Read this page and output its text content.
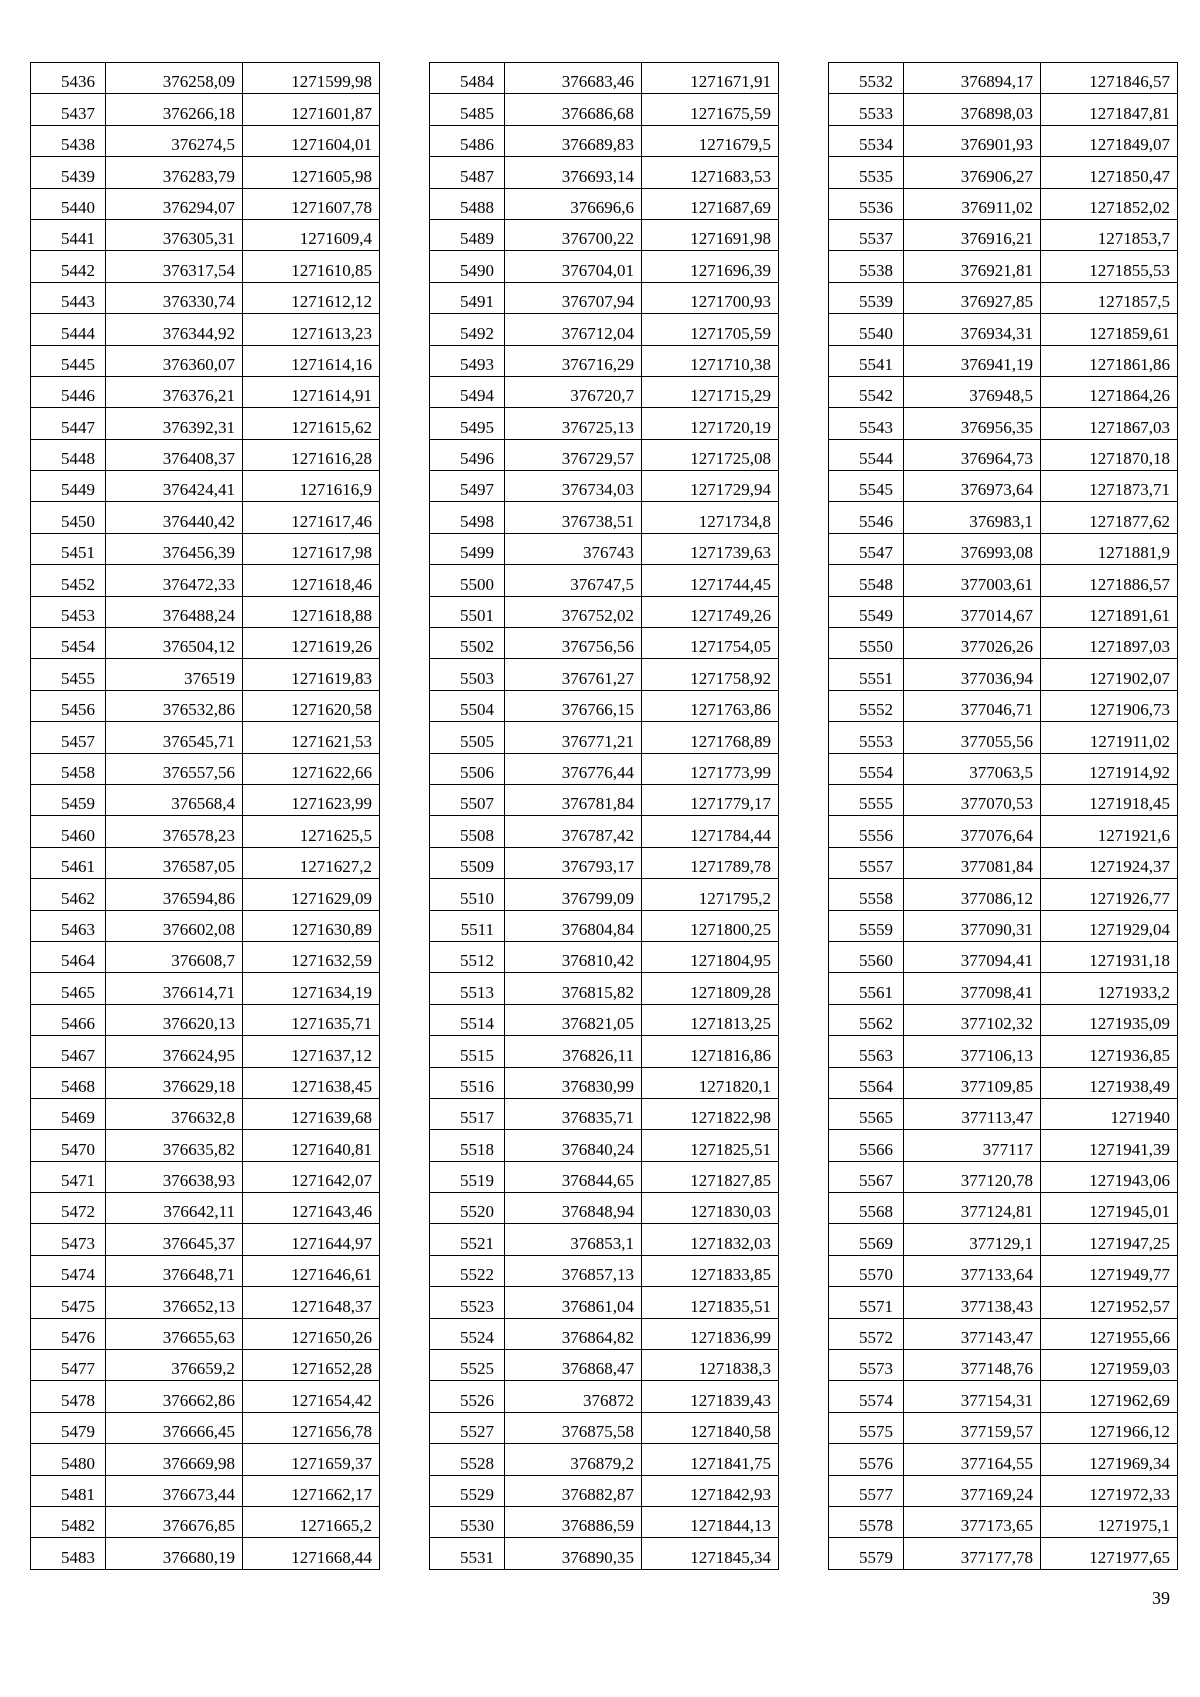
5436	376258,09	1271599,98
5437	376266,18	1271601,87
5438	376274,5	1271604,01
5439	376283,79	1271605,98
5440	376294,07	1271607,78
5441	376305,31	1271609,4
5442	376317,54	1271610,85
5443	376330,74	1271612,12
5444	376344,92	1271613,23
5445	376360,07	1271614,16
5446	376376,21	1271614,91
5447	376392,31	1271615,62
5448	376408,37	1271616,28
5449	376424,41	1271616,9
5450	376440,42	1271617,46
5451	376456,39	1271617,98
5452	376472,33	1271618,46
5453	376488,24	1271618,88
5454	376504,12	1271619,26
5455	376519	1271619,83
5456	376532,86	1271620,58
5457	376545,71	1271621,53
5458	376557,56	1271622,66
5459	376568,4	1271623,99
5460	376578,23	1271625,5
5461	376587,05	1271627,2
5462	376594,86	1271629,09
5463	376602,08	1271630,89
5464	376608,7	1271632,59
5465	376614,71	1271634,19
5466	376620,13	1271635,71
5467	376624,95	1271637,12
5468	376629,18	1271638,45
5469	376632,8	1271639,68
5470	376635,82	1271640,81
5471	376638,93	1271642,07
5472	376642,11	1271643,46
5473	376645,37	1271644,97
5474	376648,71	1271646,61
5475	376652,13	1271648,37
5476	376655,63	1271650,26
5477	376659,2	1271652,28
5478	376662,86	1271654,42
5479	376666,45	1271656,78
5480	376669,98	1271659,37
5481	376673,44	1271662,17
5482	376676,85	1271665,2
5483	376680,19	1271668,44
5484	376683,46	1271671,91
5485	376686,68	1271675,59
5486	376689,83	1271679,5
5487	376693,14	1271683,53
5488	376696,6	1271687,69
5489	376700,22	1271691,98
5490	376704,01	1271696,39
5491	376707,94	1271700,93
5492	376712,04	1271705,59
5493	376716,29	1271710,38
5494	376720,7	1271715,29
5495	376725,13	1271720,19
5496	376729,57	1271725,08
5497	376734,03	1271729,94
5498	376738,51	1271734,8
5499	376743	1271739,63
5500	376747,5	1271744,45
5501	376752,02	1271749,26
5502	376756,56	1271754,05
5503	376761,27	1271758,92
5504	376766,15	1271763,86
5505	376771,21	1271768,89
5506	376776,44	1271773,99
5507	376781,84	1271779,17
5508	376787,42	1271784,44
5509	376793,17	1271789,78
5510	376799,09	1271795,2
5511	376804,84	1271800,25
5512	376810,42	1271804,95
5513	376815,82	1271809,28
5514	376821,05	1271813,25
5515	376826,11	1271816,86
5516	376830,99	1271820,1
5517	376835,71	1271822,98
5518	376840,24	1271825,51
5519	376844,65	1271827,85
5520	376848,94	1271830,03
5521	376853,1	1271832,03
5522	376857,13	1271833,85
5523	376861,04	1271835,51
5524	376864,82	1271836,99
5525	376868,47	1271838,3
5526	376872	1271839,43
5527	376875,58	1271840,58
5528	376879,2	1271841,75
5529	376882,87	1271842,93
5530	376886,59	1271844,13
5531	376890,35	1271845,34
5532	376894,17	1271846,57
5533	376898,03	1271847,81
5534	376901,93	1271849,07
5535	376906,27	1271850,47
5536	376911,02	1271852,02
5537	376916,21	1271853,7
5538	376921,81	1271855,53
5539	376927,85	1271857,5
5540	376934,31	1271859,61
5541	376941,19	1271861,86
5542	376948,5	1271864,26
5543	376956,35	1271867,03
5544	376964,73	1271870,18
5545	376973,64	1271873,71
5546	376983,1	1271877,62
5547	376993,08	1271881,9
5548	377003,61	1271886,57
5549	377014,67	1271891,61
5550	377026,26	1271897,03
5551	377036,94	1271902,07
5552	377046,71	1271906,73
5553	377055,56	1271911,02
5554	377063,5	1271914,92
5555	377070,53	1271918,45
5556	377076,64	1271921,6
5557	377081,84	1271924,37
5558	377086,12	1271926,77
5559	377090,31	1271929,04
5560	377094,41	1271931,18
5561	377098,41	1271933,2
5562	377102,32	1271935,09
5563	377106,13	1271936,85
5564	377109,85	1271938,49
5565	377113,47	1271940
5566	377117	1271941,39
5567	377120,78	1271943,06
5568	377124,81	1271945,01
5569	377129,1	1271947,25
5570	377133,64	1271949,77
5571	377138,43	1271952,57
5572	377143,47	1271955,66
5573	377148,76	1271959,03
5574	377154,31	1271962,69
5575	377159,57	1271966,12
5576	377164,55	1271969,34
5577	377169,24	1271972,33
5578	377173,65	1271975,1
5579	377177,78	1271977,65
39
